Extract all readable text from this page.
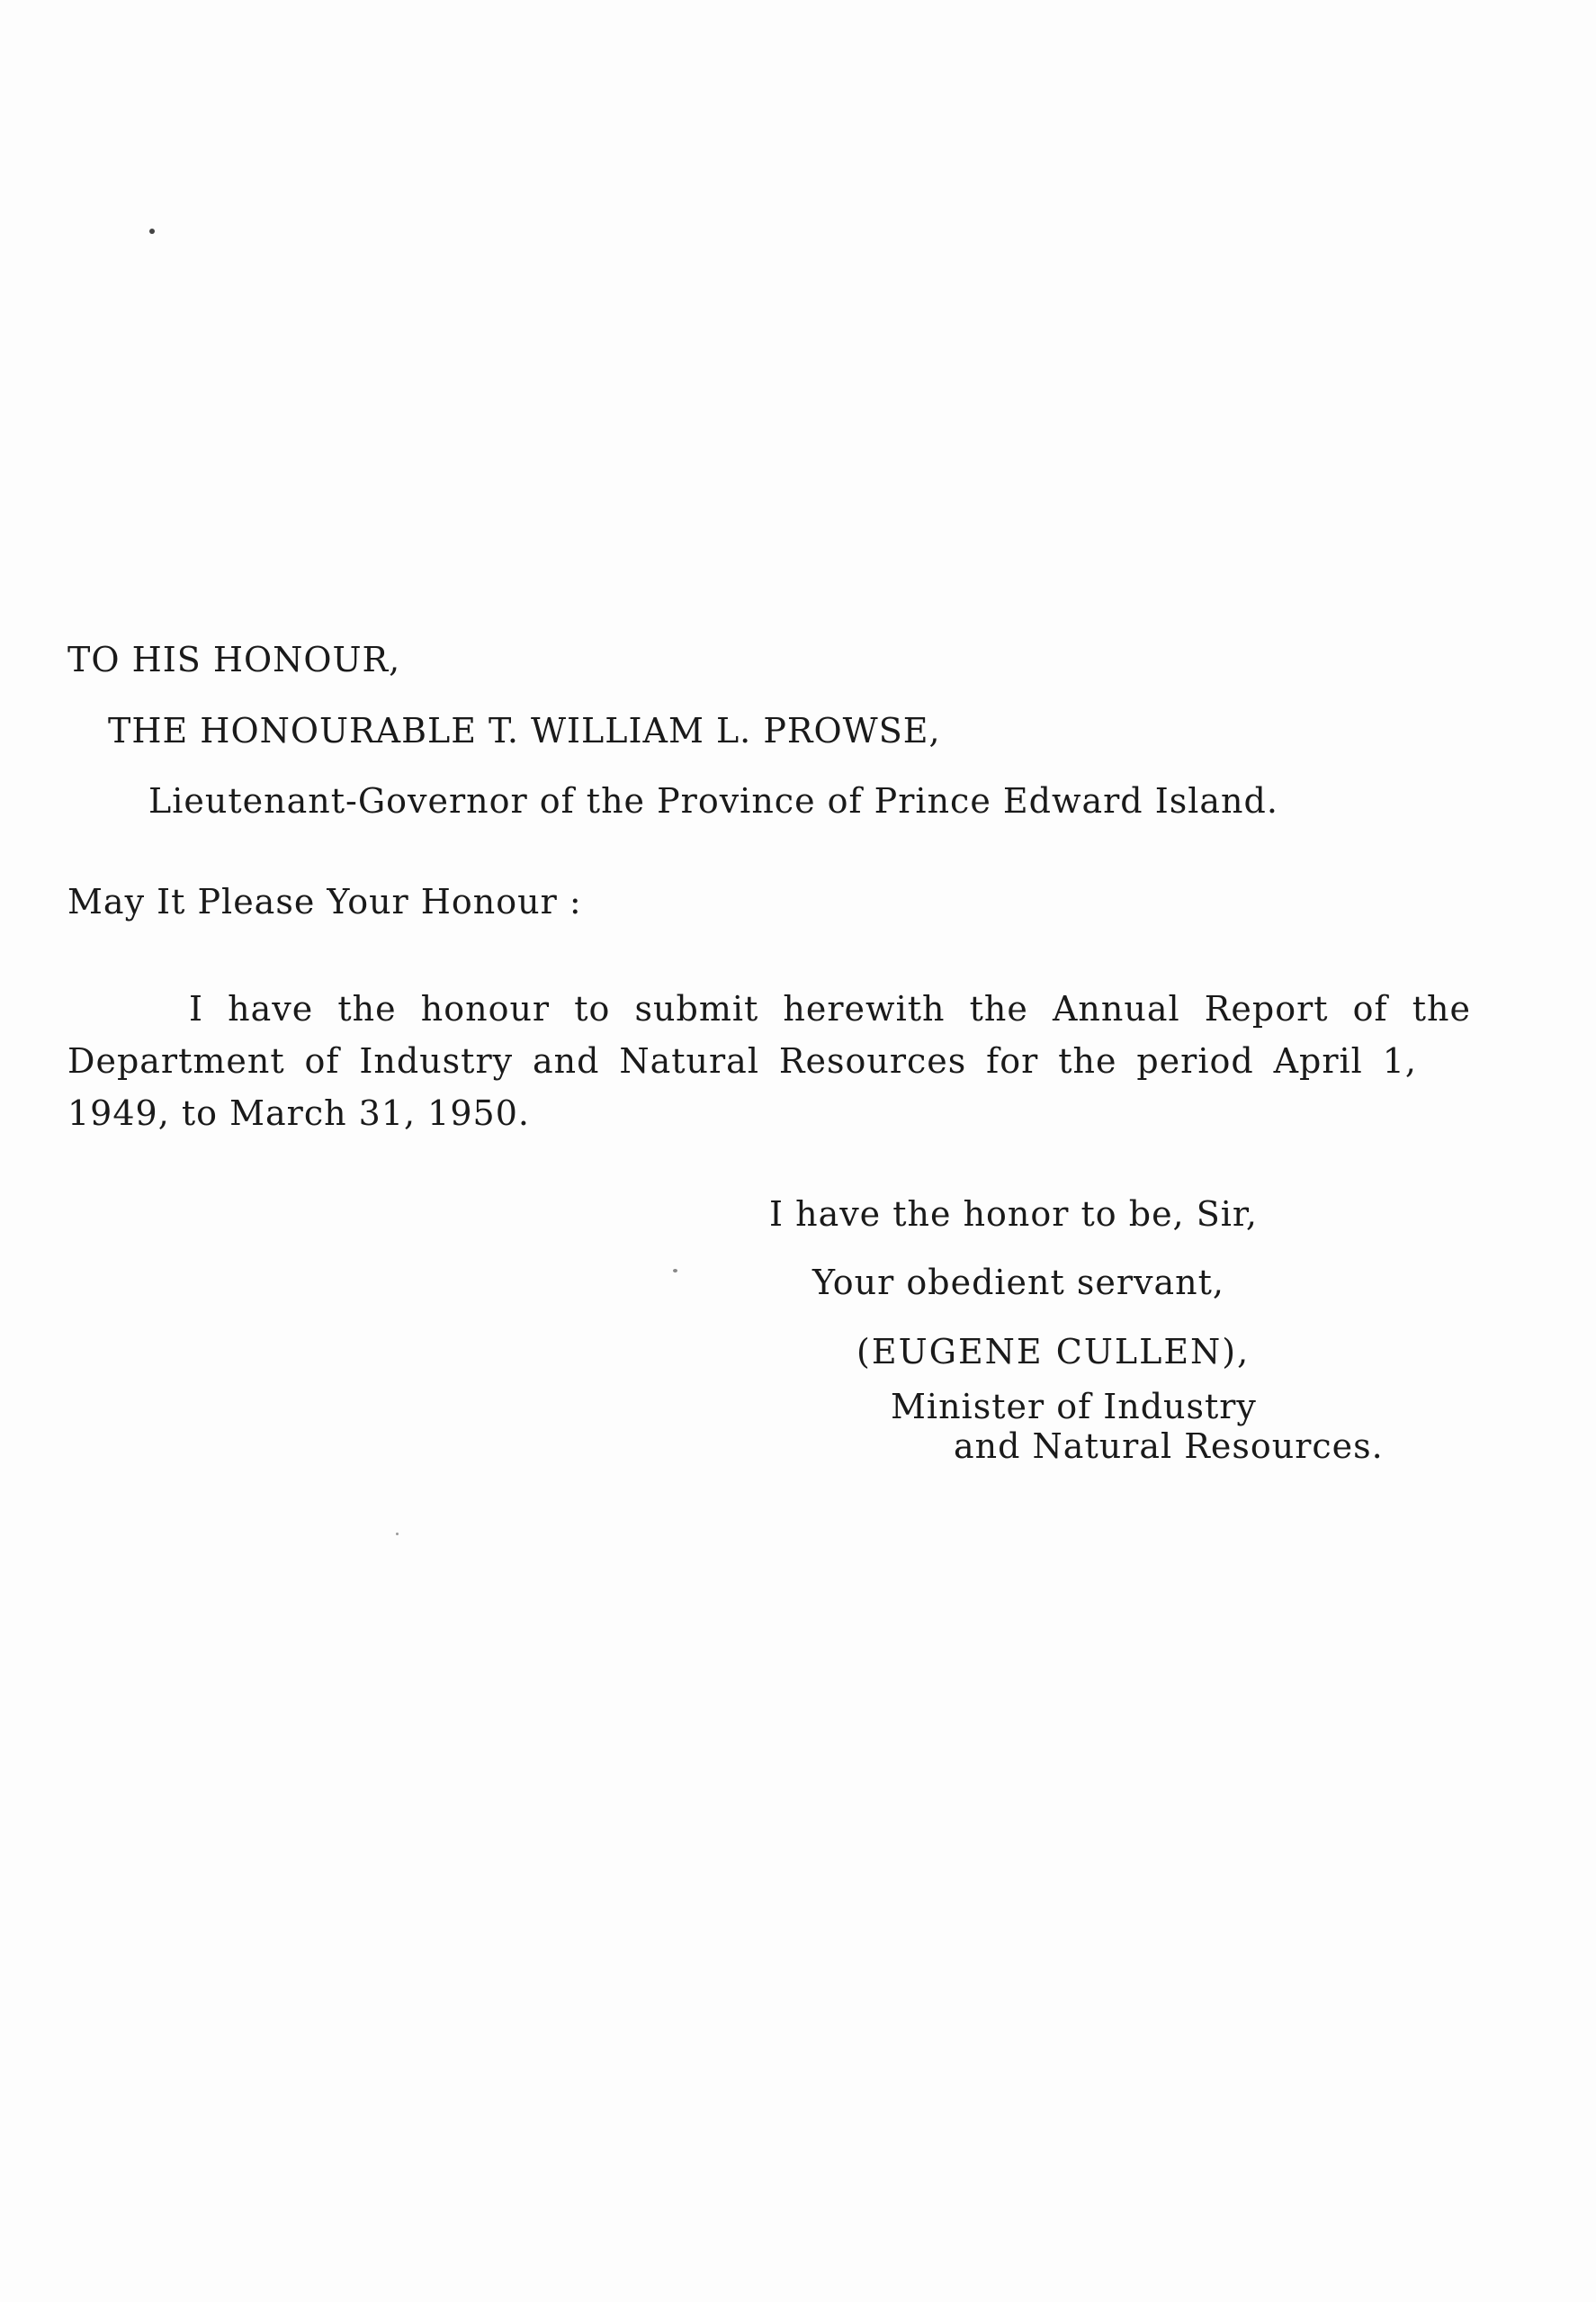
TO HIS HONOUR,
THE HONOURABLE T. WILLIAM L. PROWSE,
Lieutenant-Governor of the Province of Prince Edward Island.
May It Please Your Honour :
I have the honour to submit herewith the Annual Report of the
Department of Industry and Natural Resources for the period April 1,
1949, to March 31, 1950.
I have the honor to be, Sir,
Your obedient servant,
(EUGENE CULLEN),
Minister of Industry
and Natural Resources.
